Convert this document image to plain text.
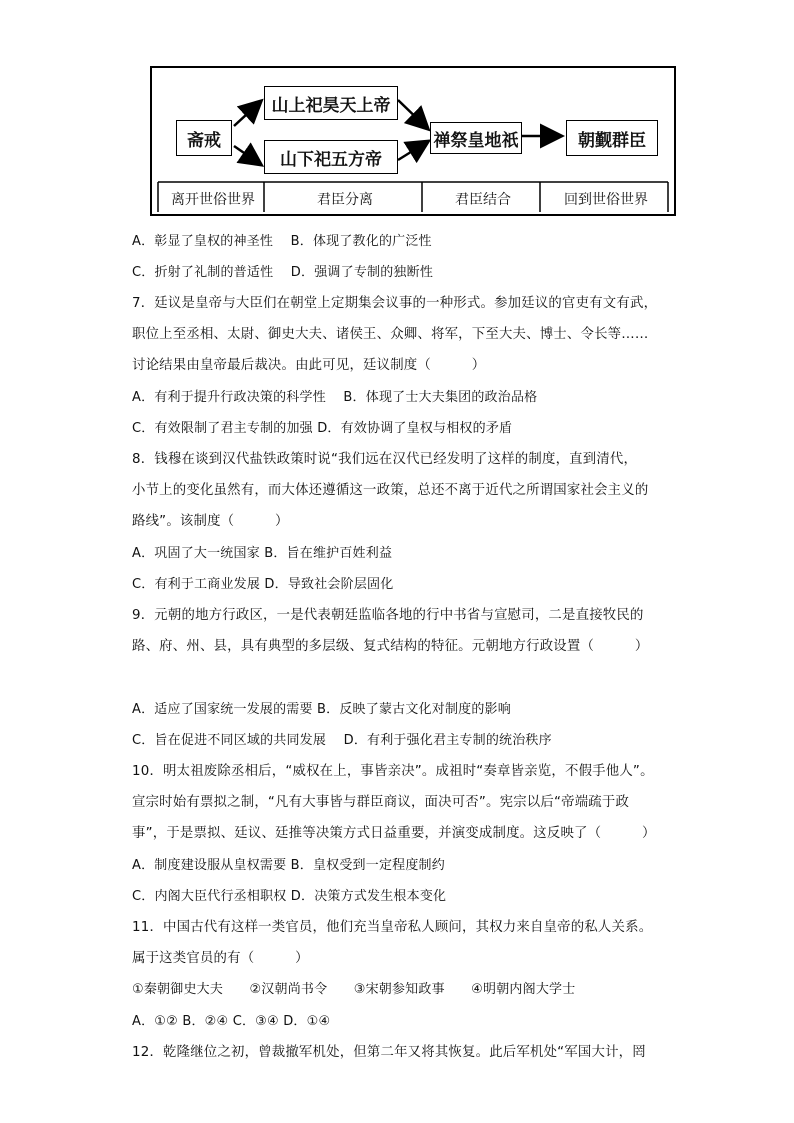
斋戒
山上祀昊天上帝
山下祀五方帝
禅祭皇地祇	朝觐群臣
离开世俗世界	君臣分离	君臣结合	回到世俗世界
A．彰显了皇权的神圣性　 B．体现了教化的广泛性
C．折射了礼制的普适性　 D．强调了专制的独断性
7．廷议是皇帝与大臣们在朝堂上定期集会议事的一种形式。参加廷议的官吏有文有武，
职位上至丞相、太尉、御史大夫、诸侯王、众卿、将军，下至大夫、博士、令长等……
讨论结果由皇帝最后裁决。由此可见，廷议制度（　　　）
A．有利于提升行政决策的科学性　 B．体现了士大夫集团的政治品格
C．有效限制了君主专制的加强 D．有效协调了皇权与相权的矛盾
8．钱穆在谈到汉代盐铁政策时说“我们远在汉代已经发明了这样的制度，直到清代，
小节上的变化虽然有，而大体还遵循这一政策，总还不离于近代之所谓国家社会主义的
路线”。该制度（　　　）
A．巩固了大一统国家 B．旨在维护百姓利益
C．有利于工商业发展 D．导致社会阶层固化
9．元朝的地方行政区，一是代表朝廷监临各地的行中书省与宣慰司，二是直接牧民的
路、府、州、县，具有典型的多层级、复式结构的特征。元朝地方行政设置（　　　）
A．适应了国家统一发展的需要 B．反映了蒙古文化对制度的影响
C．旨在促进不同区域的共同发展　 D．有利于强化君主专制的统治秩序
10．明太祖废除丞相后，“威权在上，事皆亲决”。成祖时“奏章皆亲览，不假手他人”。
宣宗时始有票拟之制，“凡有大事皆与群臣商议，面决可否”。宪宗以后“帝端疏于政
事”，于是票拟、廷议、廷推等决策方式日益重要，并演变成制度。这反映了（　　　）
A．制度建设服从皇权需要 B．皇权受到一定程度制约
C．内阁大臣代行丞相职权 D．决策方式发生根本变化
11．中国古代有这样一类官员，他们充当皇帝私人顾问，其权力来自皇帝的私人关系。
属于这类官员的有（　　　）
①秦朝御史大夫　　②汉朝尚书令　　③宋朝参知政事　　④明朝内阁大学士
A．①② B．②④ C．③④ D．①④
12．乾隆继位之初，曾裁撤军机处，但第二年又将其恢复。此后军机处“军国大计，罔
